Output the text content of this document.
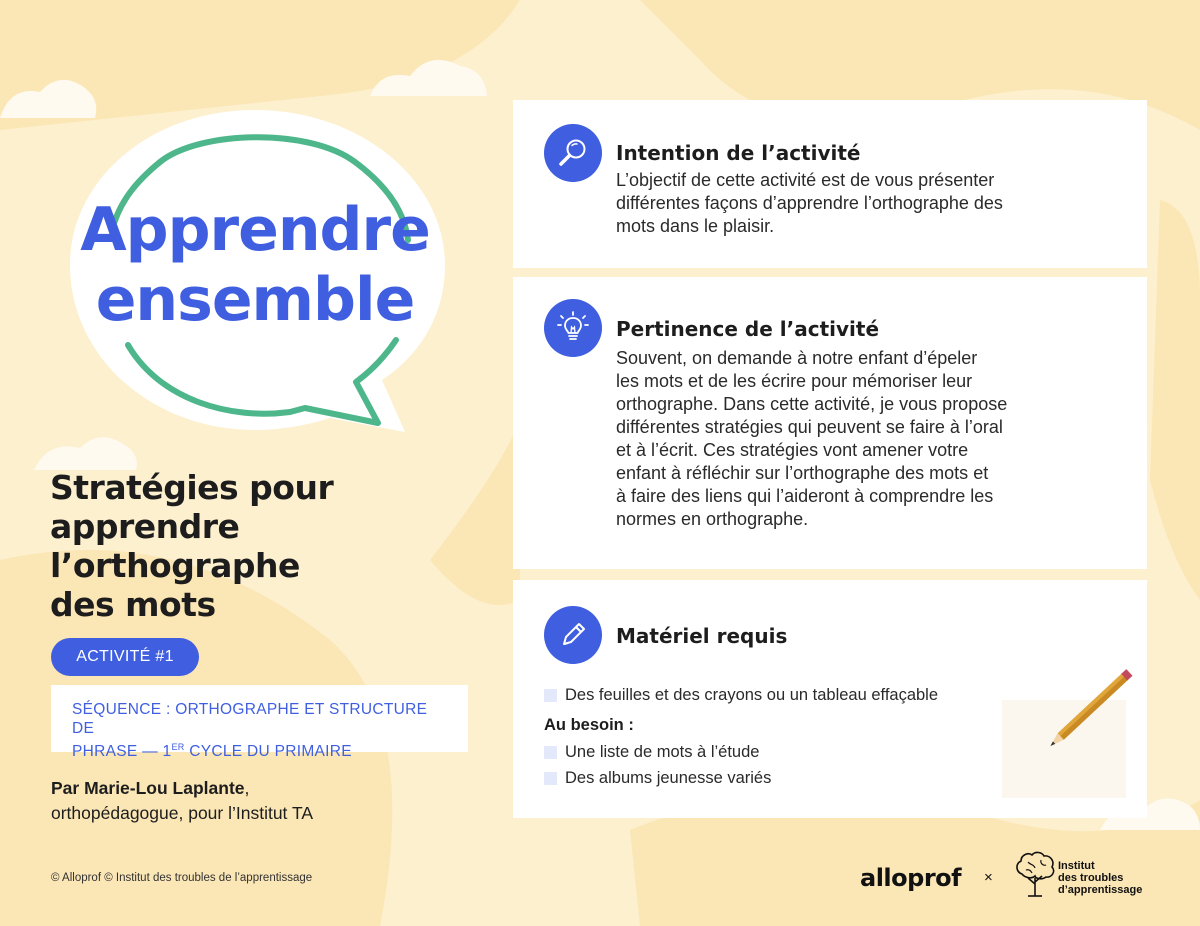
Apprendre
ensemble
Stratégies pour
apprendre
l’orthographe
des mots
ACTIVITÉ #1
SÉQUENCE : ORTHOGRAPHE ET STRUCTURE DE
PHRASE — 1ER CYCLE DU PRIMAIRE
Par Marie-Lou Laplante,
orthopédagogue, pour l’Institut TA
© Alloprof © Institut des troubles de l’apprentissage
Intention de l’activité
L’objectif de cette activité est de vous présenter
différentes façons d’apprendre l’orthographe des
mots dans le plaisir.
Pertinence de l’activité
Souvent, on demande à notre enfant d’épeler
les mots et de les écrire pour mémoriser leur
orthographe. Dans cette activité, je vous propose
différentes stratégies qui peuvent se faire à l’oral
et à l’écrit. Ces stratégies vont amener votre
enfant à réfléchir sur l’orthographe des mots et
à faire des liens qui l’aideront à comprendre les
normes en orthographe.
Matériel requis
Des feuilles et des crayons ou un tableau effaçable
Au besoin :
Une liste de mots à l’étude
Des albums jeunesse variés
alloprof ×
Institut
des troubles
d’apprentissage
